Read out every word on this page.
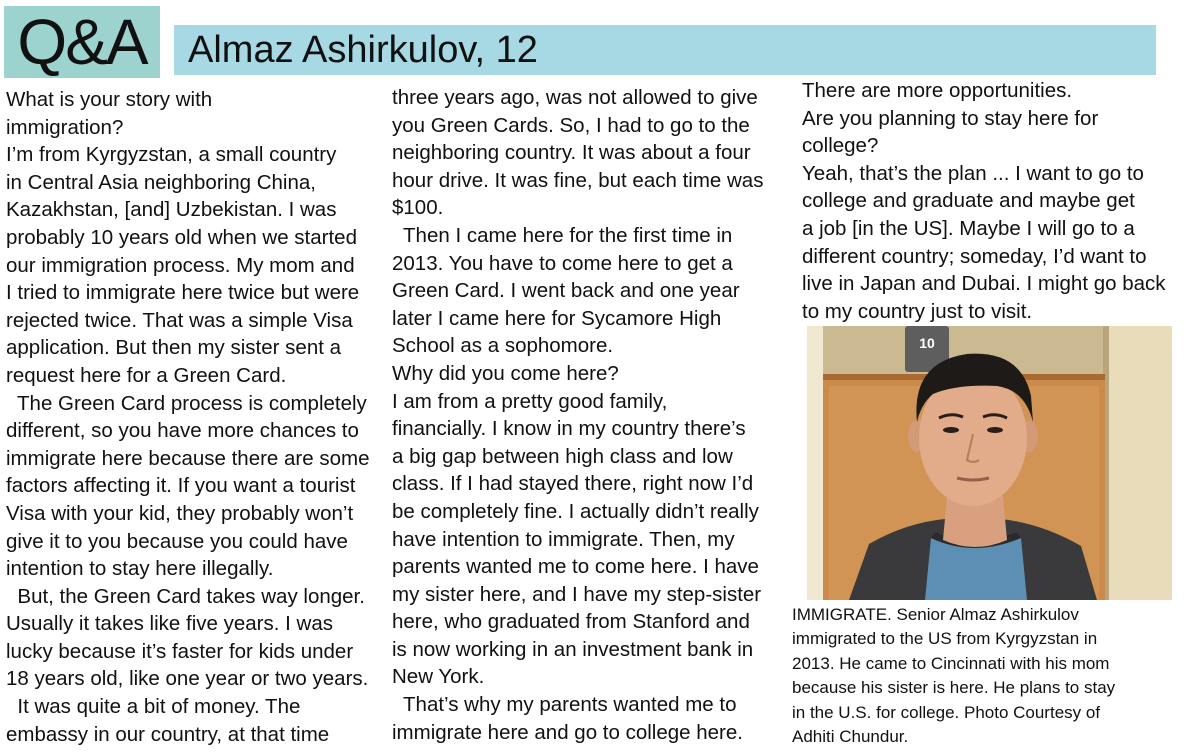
Q&A Almaz Ashirkulov, 12
What is your story with
immigration?
I’m from Kyrgyzstan, a small country
in Central Asia neighboring China,
Kazakhstan, [and] Uzbekistan. I was
probably 10 years old when we started
our immigration process. My mom and
I tried to immigrate here twice but were
rejected twice. That was a simple Visa
application. But then my sister sent a
request here for a Green Card.
The Green Card process is completely
different, so you have more chances to
immigrate here because there are some
factors affecting it. If you want a tourist
Visa with your kid, they probably won’t
give it to you because you could have
intention to stay here illegally.
But, the Green Card takes way longer.
Usually it takes like five years. I was
lucky because it’s faster for kids under
18 years old, like one year or two years.
It was quite a bit of money. The
embassy in our country, at that time
three years ago, was not allowed to give
you Green Cards. So, I had to go to the
neighboring country. It was about a four
hour drive. It was fine, but each time was
$100.
Then I came here for the first time in
2013. You have to come here to get a
Green Card. I went back and one year
later I came here for Sycamore High
School as a sophomore.
Why did you come here?
I am from a pretty good family,
financially. I know in my country there’s
a big gap between high class and low
class. If I had stayed there, right now I’d
be completely fine. I actually didn’t really
have intention to immigrate. Then, my
parents wanted me to come here. I have
my sister here, and I have my step-sister
here, who graduated from Stanford and
is now working in an investment bank in
New York.
That’s why my parents wanted me to
immigrate here and go to college here.
There are more opportunities.
Are you planning to stay here for
college?
Yeah, that’s the plan ... I want to go to
college and graduate and maybe get
a job [in the US]. Maybe I will go to a
different country; someday, I’d want to
live in Japan and Dubai. I might go back
to my country just to visit.
10
IMMIGRATE. Senior Almaz Ashirkulov
immigrated to the US from Kyrgyzstan in
2013. He came to Cincinnati with his mom
because his sister is here. He plans to stay
in the U.S. for college. Photo Courtesy of
Adhiti Chundur.
